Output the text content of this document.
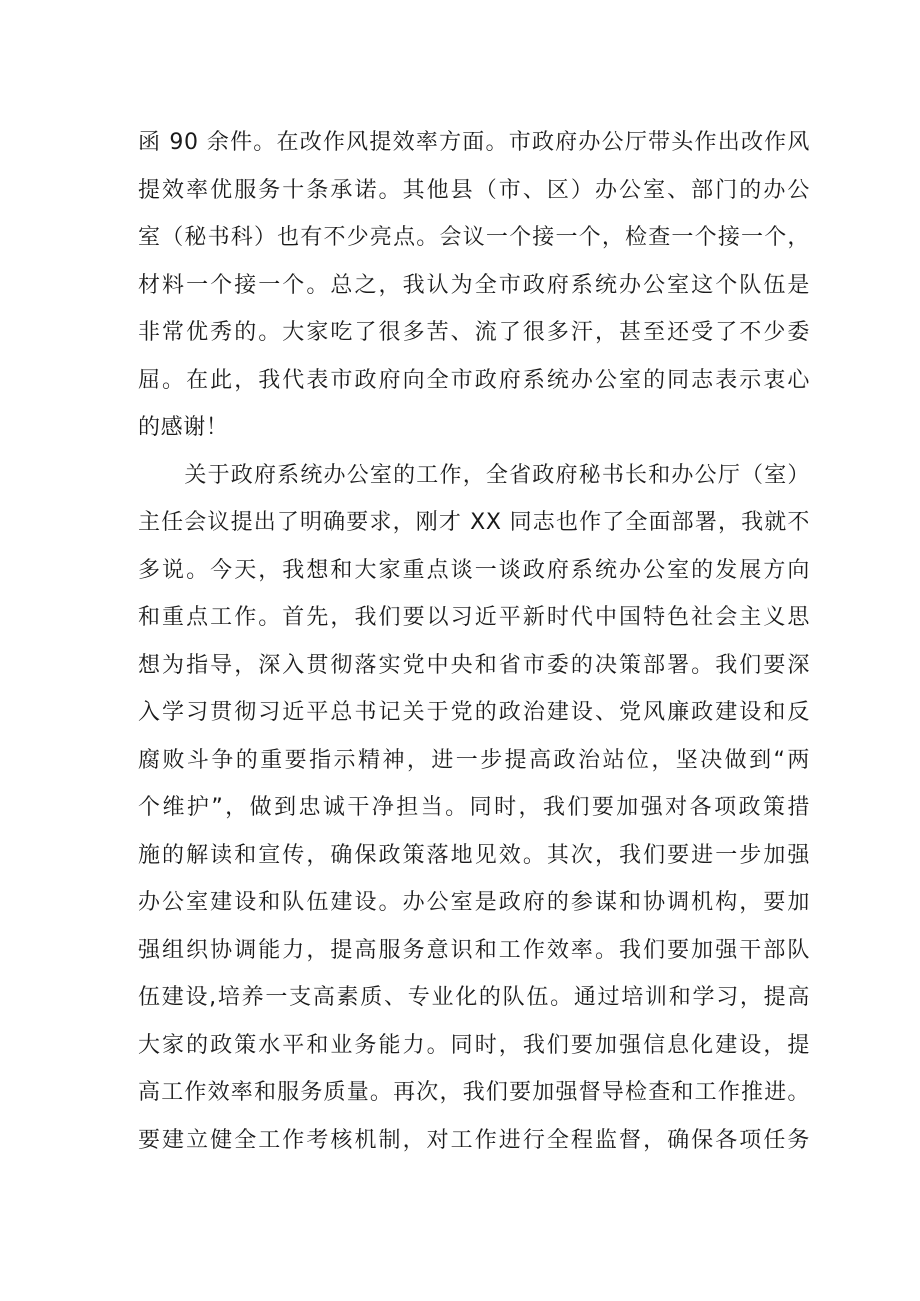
函 90 余件。在改作风提效率方面。市政府办公厅带头作出改作风
提效率优服务十条承诺。其他县（市、区）办公室、部门的办公
室（秘书科）也有不少亮点。会议一个接一个，检查一个接一个，
材料一个接一个。总之，我认为全市政府系统办公室这个队伍是
非常优秀的。大家吃了很多苦、流了很多汗，甚至还受了不少委
屈。在此，我代表市政府向全市政府系统办公室的同志表示衷心
的感谢！
　　关于政府系统办公室的工作，全省政府秘书长和办公厅（室）
主任会议提出了明确要求，刚才 XX 同志也作了全面部署，我就不
多说。今天，我想和大家重点谈一谈政府系统办公室的发展方向
和重点工作。首先，我们要以习近平新时代中国特色社会主义思
想为指导，深入贯彻落实党中央和省市委的决策部署。我们要深
入学习贯彻习近平总书记关于党的政治建设、党风廉政建设和反
腐败斗争的重要指示精神，进一步提高政治站位，坚决做到“两
个维护”，做到忠诚干净担当。同时，我们要加强对各项政策措
施的解读和宣传，确保政策落地见效。其次，我们要进一步加强
办公室建设和队伍建设。办公室是政府的参谋和协调机构，要加
强组织协调能力，提高服务意识和工作效率。我们要加强干部队
伍建设,培养一支高素质、专业化的队伍。通过培训和学习，提高
大家的政策水平和业务能力。同时，我们要加强信息化建设，提
高工作效率和服务质量。再次，我们要加强督导检查和工作推进。
要建立健全工作考核机制，对工作进行全程监督，确保各项任务
